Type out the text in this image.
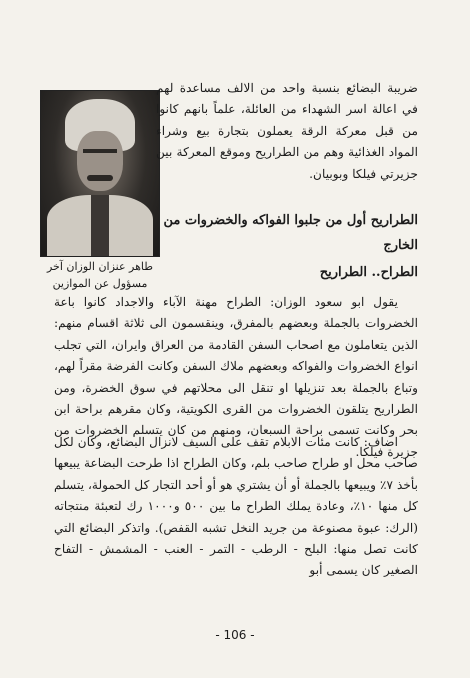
طاهر عنزان الوزان آخر مسؤول عن الموازين
ضريبة البضائع بنسبة واحد من الالف مساعدة لهم في اعالة اسر الشهداء من العائلة، علماً بانهم كانوا من قبل معركة الرقة يعملون بتجارة بيع وشراء المواد الغذائية وهم من الطراريح وموقع المعركة بين جزيرتي فيلكا وبوبيان.
الطراريح أول من جلبوا الفواكه والخضروات من الخارج
الطراح.. الطراريح
يقول ابو سعود الوزان: الطراح مهنة الآباء والاجداد كانوا باعة الخضروات بالجملة وبعضهم بالمفرق، وينقسمون الى ثلاثة اقسام منهم: الذين يتعاملون مع اصحاب السفن القادمة من العراق وايران، التي تجلب انواع الخضروات والفواكه وبعضهم ملاك السفن وكانت الفرضة مقراً لهم، وتباع بالجملة بعد تنزيلها او تنقل الى محلاتهم في سوق الخضرة، ومن الطراريح يتلقون الخضروات من القرى الكويتية، وكان مقرهم براحة ابن بحر وكانت تسمى براحة السبعان، ومنهم من كان يتسلم الخضروات من جزيرة فيلكا.
اضاف: كانت مئات الابلام تقف على السيف لانزال البضائع، وكان لكل صاحب محل او طراح صاحب بلم، وكان الطراح اذا طرحت البضاعة يبيعها بأخذ ٧٪ ويبيعها بالجملة أو أن يشتري هو أو أحد التجار كل الحمولة، يتسلم كل منها ١٠٪، وعادة يملك الطراح ما بين ٥٠٠ و١٠٠٠ رك لتعبئة منتجاته (الرك: عبوة مصنوعة من جريد النخل تشبه القفص). واتذكر البضائع التي كانت تصل منها: البلح - الرطب - التمر - العنب - المشمش - التفاح الصغير كان يسمى أبو
- 106 -
